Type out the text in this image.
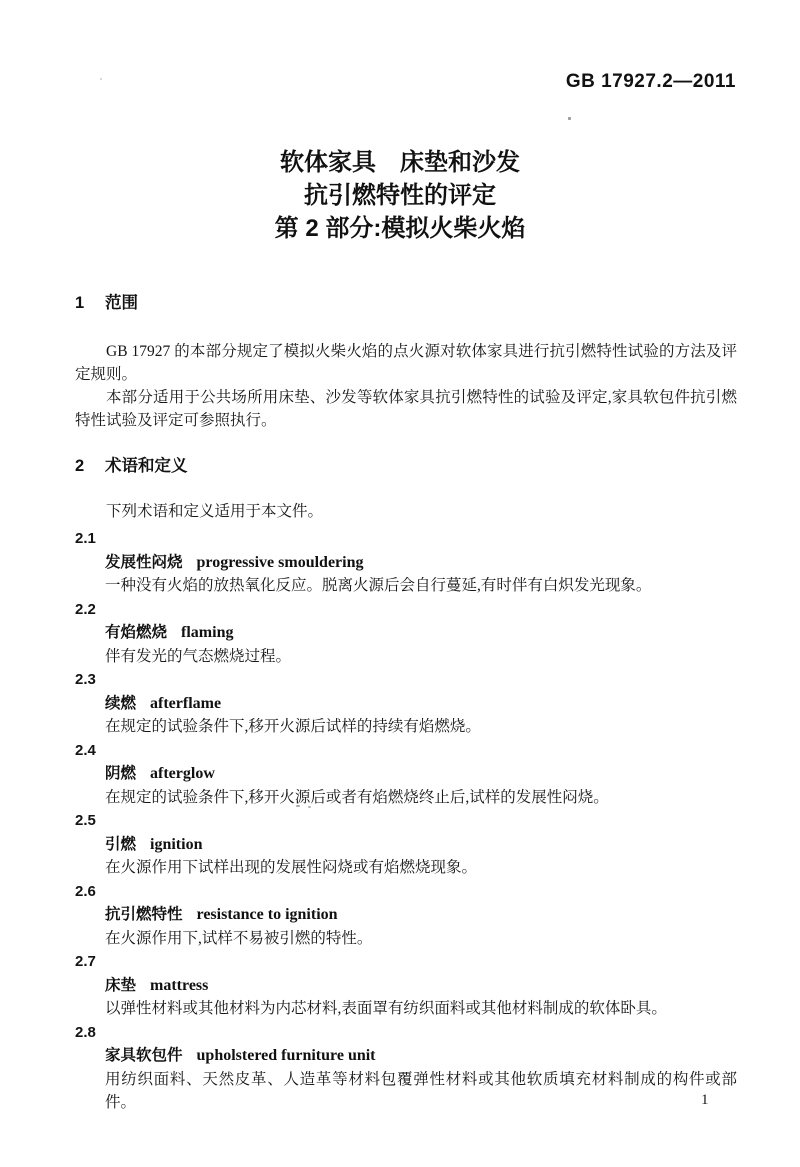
GB 17927.2—2011
软体家具　床垫和沙发
抗引燃特性的评定
第 2 部分:模拟火柴火焰
1 范围

GB 17927 的本部分规定了模拟火柴火焰的点火源对软体家具进行抗引燃特性试验的方法及评定规则。

本部分适用于公共场所用床垫、沙发等软体家具抗引燃特性的试验及评定,家具软包件抗引燃特性试验及评定可参照执行。

2 术语和定义

下列术语和定义适用于本文件。

2.1
发展性闷烧 progressive smouldering
一种没有火焰的放热氧化反应。脱离火源后会自行蔓延,有时伴有白炽发光现象。
2.2
有焰燃烧 flaming
伴有发光的气态燃烧过程。
2.3
续燃 afterflame
在规定的试验条件下,移开火源后试样的持续有焰燃烧。
2.4
阴燃 afterglow
在规定的试验条件下,移开火源后或者有焰燃烧终止后,试样的发展性闷烧。
2.5
引燃 ignition
在火源作用下试样出现的发展性闷烧或有焰燃烧现象。
2.6
抗引燃特性 resistance to ignition
在火源作用下,试样不易被引燃的特性。
2.7
床垫 mattress
以弹性材料或其他材料为内芯材料,表面罩有纺织面料或其他材料制成的软体卧具。
2.8
家具软包件 upholstered furniture unit
用纺织面料、天然皮革、人造革等材料包覆弹性材料或其他软质填充材料制成的构件或部件。	1
